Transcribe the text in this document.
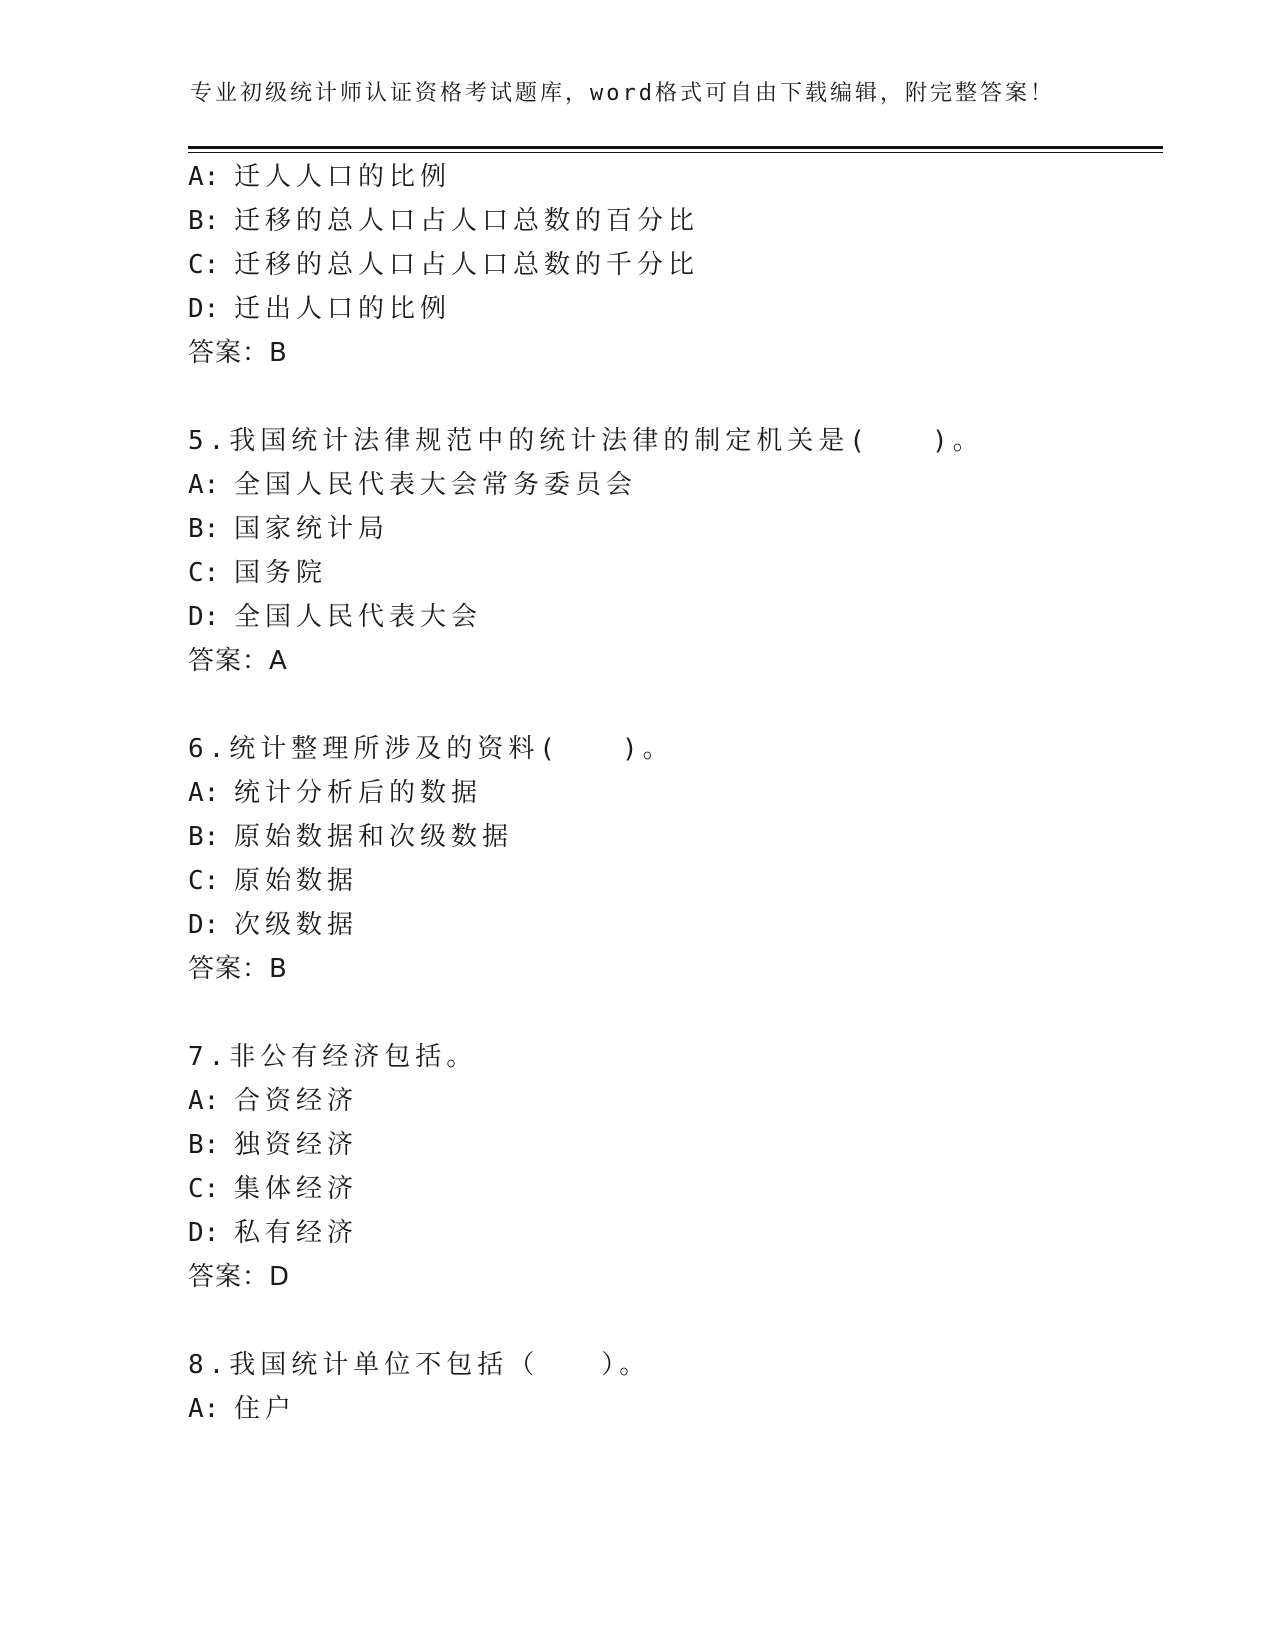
专业初级统计师认证资格考试题库，word格式可自由下载编辑，附完整答案！
A: 迁人人口的比例
B: 迁移的总人口占人口总数的百分比
C: 迁移的总人口占人口总数的千分比
D: 迁出人口的比例
答案：B
5.我国统计法律规范中的统计法律的制定机关是(　　)。
A: 全国人民代表大会常务委员会
B: 国家统计局
C: 国务院
D: 全国人民代表大会
答案：A
6.统计整理所涉及的资料(　　)。
A: 统计分析后的数据
B: 原始数据和次级数据
C: 原始数据
D: 次级数据
答案：B
7.非公有经济包括。
A: 合资经济
B: 独资经济
C: 集体经济
D: 私有经济
答案：D
8.我国统计单位不包括（　　）。
A: 住户
